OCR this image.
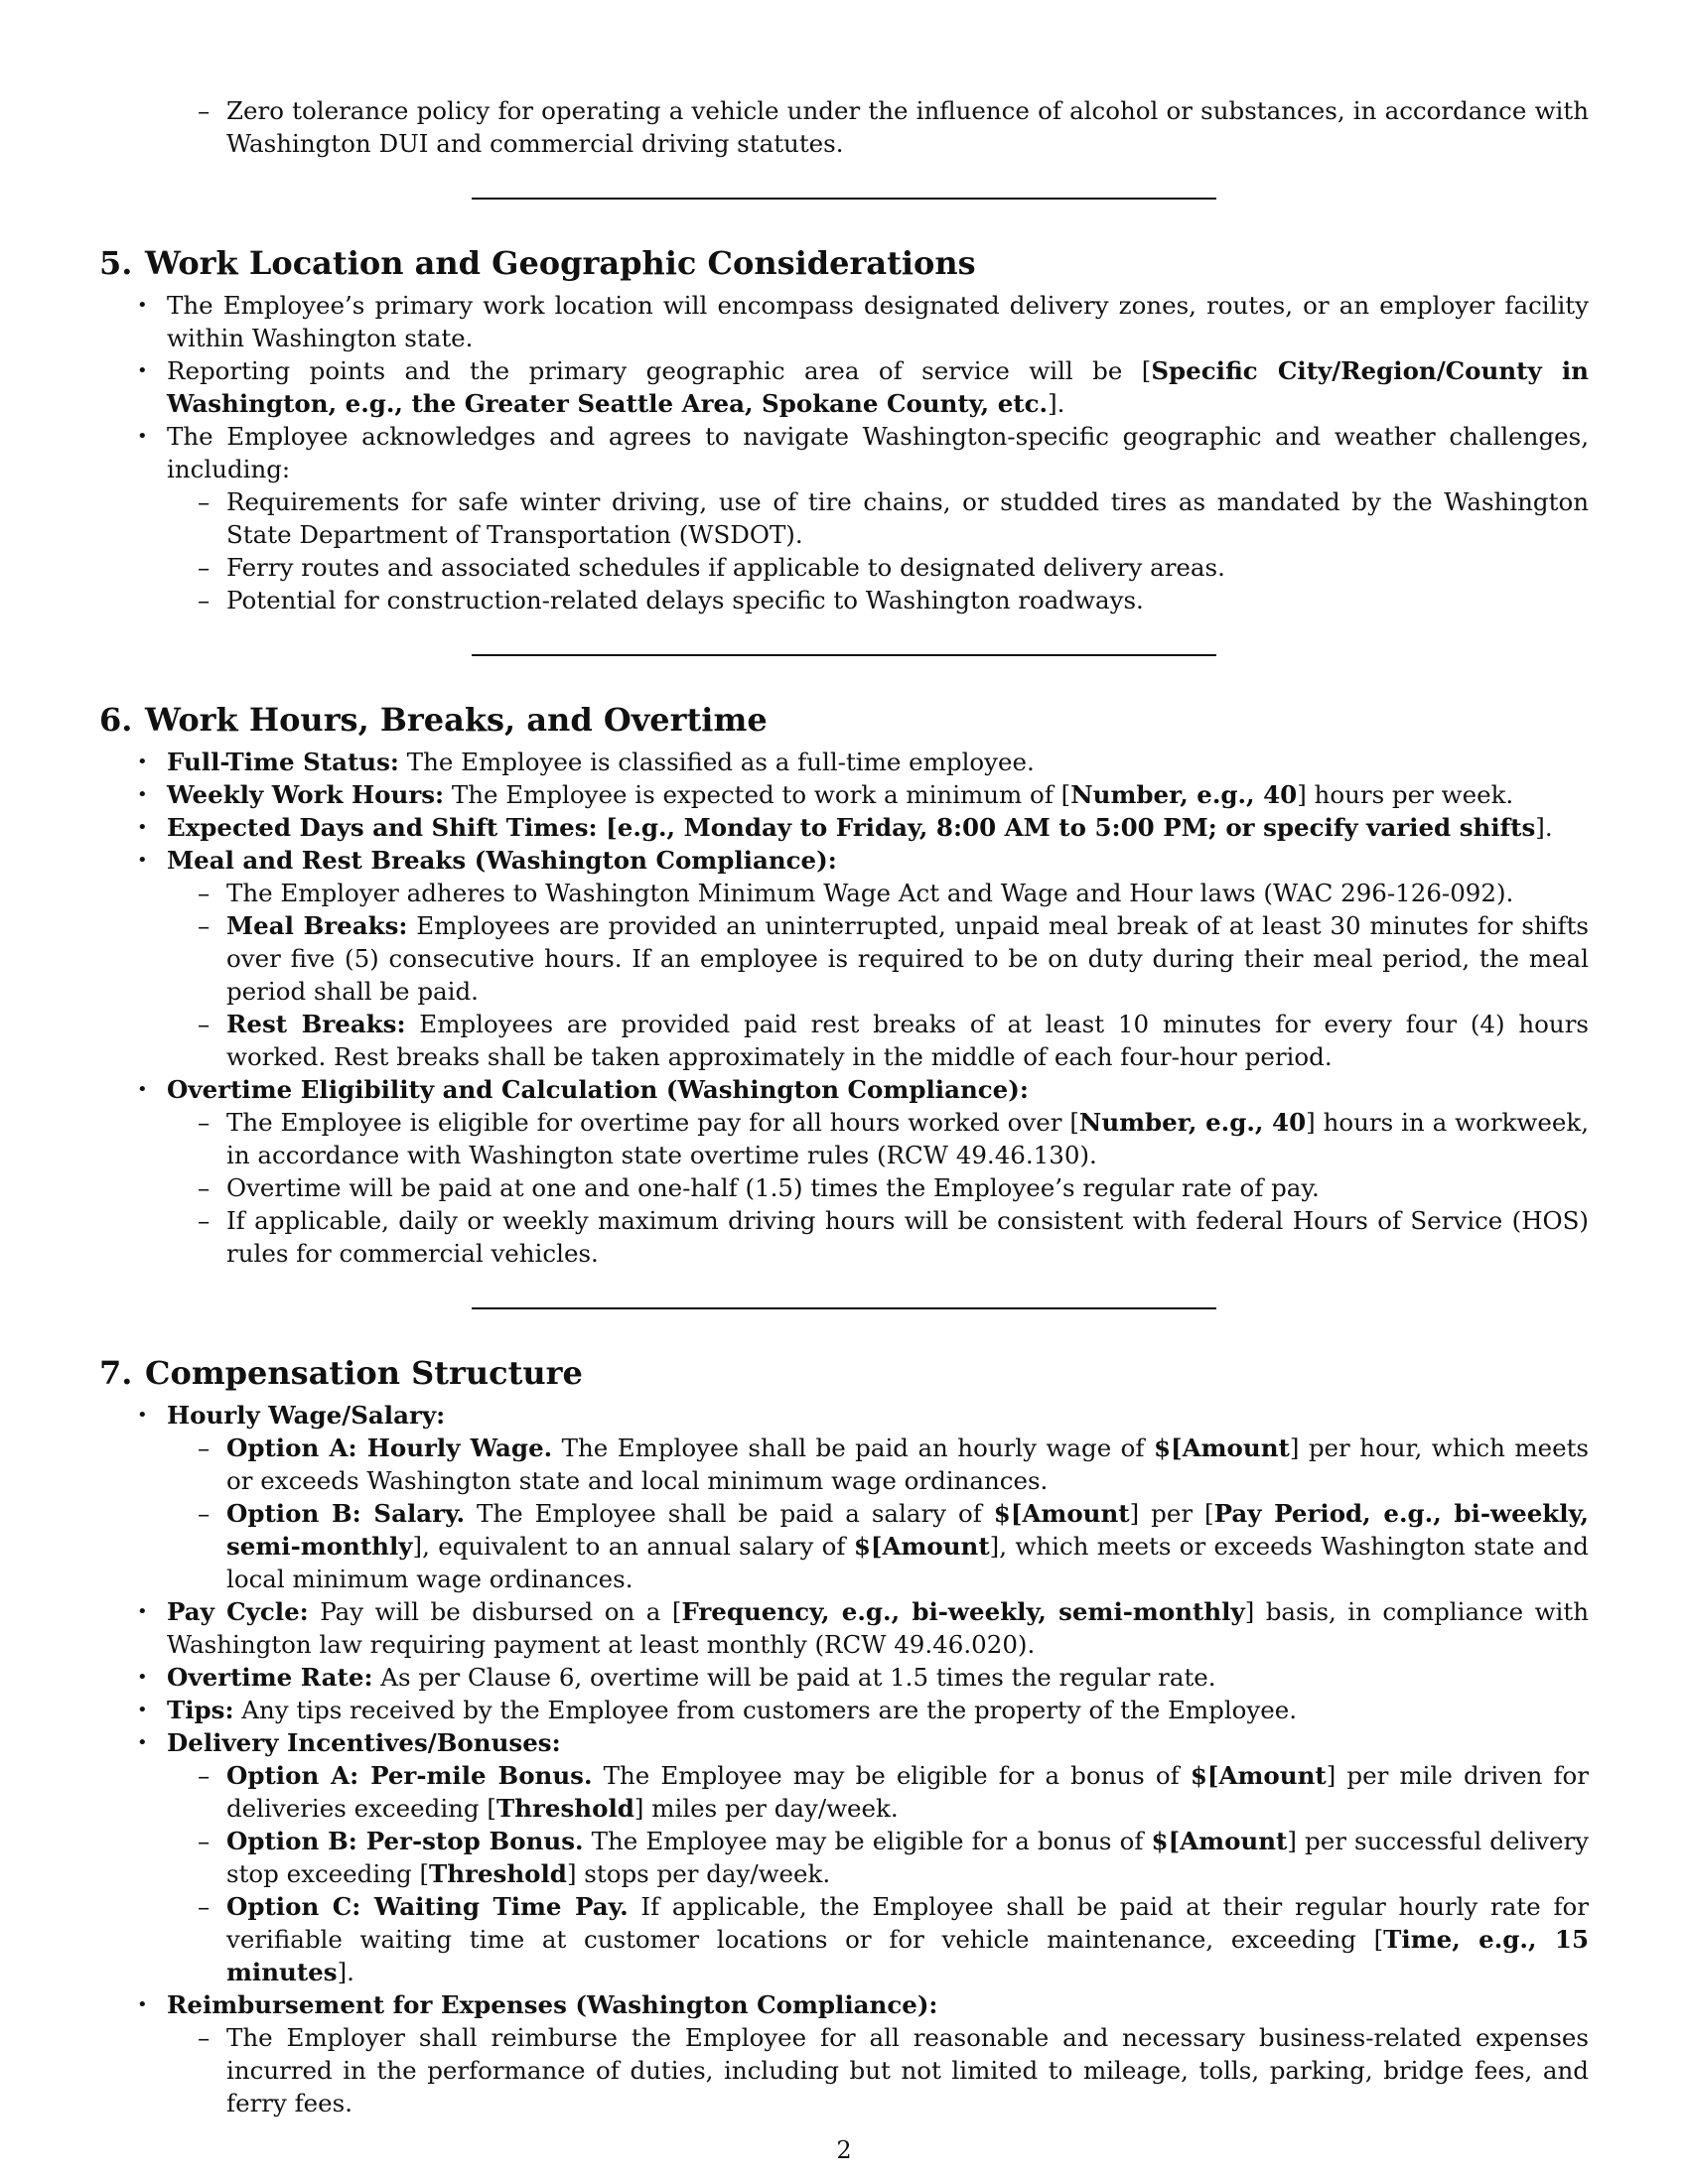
– Zero tolerance policy for operating a vehicle under the influence of alcohol or substances, in accordance with Washington DUI and commercial driving statutes.
5. Work Location and Geographic Considerations
• The Employee’s primary work location will encompass designated delivery zones, routes, or an employer facility within Washington state.
• Reporting points and the primary geographic area of service will be [Specific City/Region/County in Washington, e.g., the Greater Seattle Area, Spokane County, etc.].
• The Employee acknowledges and agrees to navigate Washington-specific geographic and weather challenges, including:
– Requirements for safe winter driving, use of tire chains, or studded tires as mandated by the Washington State Department of Transportation (WSDOT).
– Ferry routes and associated schedules if applicable to designated delivery areas.
– Potential for construction-related delays specific to Washington roadways.
6. Work Hours, Breaks, and Overtime
• Full-Time Status: The Employee is classified as a full-time employee.
• Weekly Work Hours: The Employee is expected to work a minimum of [Number, e.g., 40] hours per week.
• Expected Days and Shift Times: [e.g., Monday to Friday, 8:00 AM to 5:00 PM; or specify varied shifts].
• Meal and Rest Breaks (Washington Compliance):
– The Employer adheres to Washington Minimum Wage Act and Wage and Hour laws (WAC 296-126-092).
– Meal Breaks: Employees are provided an uninterrupted, unpaid meal break of at least 30 minutes for shifts over five (5) consecutive hours. If an employee is required to be on duty during their meal period, the meal period shall be paid.
– Rest Breaks: Employees are provided paid rest breaks of at least 10 minutes for every four (4) hours worked. Rest breaks shall be taken approximately in the middle of each four-hour period.
• Overtime Eligibility and Calculation (Washington Compliance):
– The Employee is eligible for overtime pay for all hours worked over [Number, e.g., 40] hours in a workweek, in accordance with Washington state overtime rules (RCW 49.46.130).
– Overtime will be paid at one and one-half (1.5) times the Employee’s regular rate of pay.
– If applicable, daily or weekly maximum driving hours will be consistent with federal Hours of Service (HOS) rules for commercial vehicles.
7. Compensation Structure
• Hourly Wage/Salary:
– Option A: Hourly Wage. The Employee shall be paid an hourly wage of $[Amount] per hour, which meets or exceeds Washington state and local minimum wage ordinances.
– Option B: Salary. The Employee shall be paid a salary of $[Amount] per [Pay Period, e.g., bi-weekly, semi-monthly], equivalent to an annual salary of $[Amount], which meets or exceeds Washington state and local minimum wage ordinances.
• Pay Cycle: Pay will be disbursed on a [Frequency, e.g., bi-weekly, semi-monthly] basis, in compliance with Washington law requiring payment at least monthly (RCW 49.46.020).
• Overtime Rate: As per Clause 6, overtime will be paid at 1.5 times the regular rate.
• Tips: Any tips received by the Employee from customers are the property of the Employee.
• Delivery Incentives/Bonuses:
– Option A: Per-mile Bonus. The Employee may be eligible for a bonus of $[Amount] per mile driven for deliveries exceeding [Threshold] miles per day/week.
– Option B: Per-stop Bonus. The Employee may be eligible for a bonus of $[Amount] per successful delivery stop exceeding [Threshold] stops per day/week.
– Option C: Waiting Time Pay. If applicable, the Employee shall be paid at their regular hourly rate for verifiable waiting time at customer locations or for vehicle maintenance, exceeding [Time, e.g., 15 minutes].
• Reimbursement for Expenses (Washington Compliance):
– The Employer shall reimburse the Employee for all reasonable and necessary business-related expenses incurred in the performance of duties, including but not limited to mileage, tolls, parking, bridge fees, and ferry fees.
2
